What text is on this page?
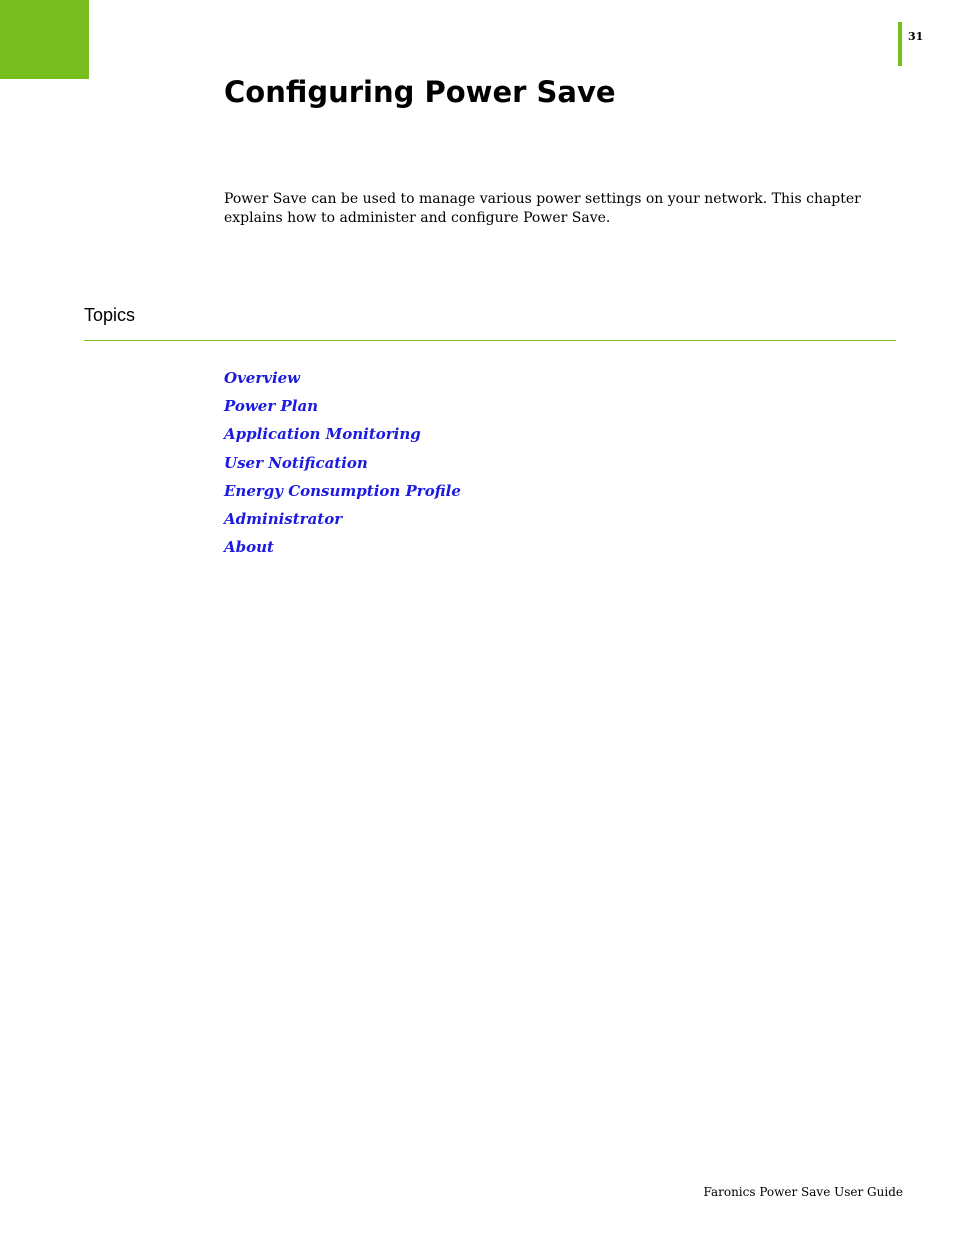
31
Configuring Power Save

Power Save can be used to manage various power settings on your network. This chapter explains how to administer and configure Power Save.

Topics
Overview
Power Plan
Application Monitoring
User Notification
Energy Consumption Profile
Administrator
About
Faronics Power Save User Guide
